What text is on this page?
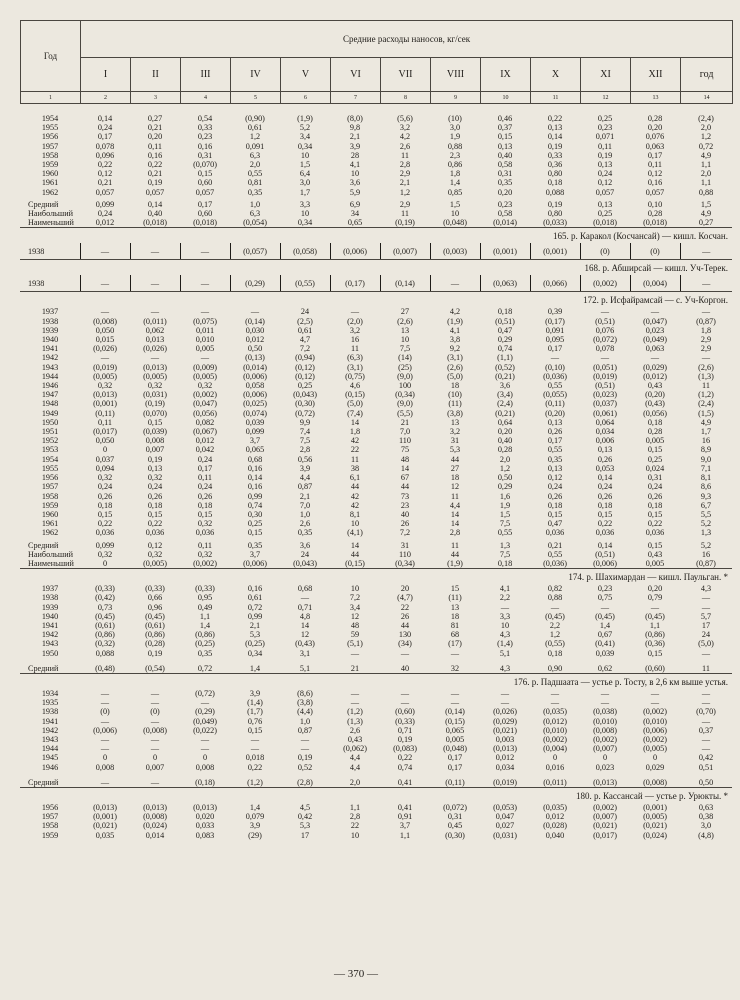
Год	Средние расходы наносов, кг/сек												
	I	II	III	IV	V	VI	VII	VIII	IX	X	XI	XII	год
1	2	3	4	5	6	7	8	9	10	11	12	13	14

1954	0,14	0,27	0,54	(0,90)	(1,9)	(8,0)	(5,6)	(10)	0,46	0,22	0,25	0,28	(2,4)
1955	0,24	0,21	0,33	0,61	5,2	9,8	3,2	3,0	0,37	0,13	0,23	0,20	2,0
1956	0,17	0,20	0,23	1,2	3,4	2,1	4,2	1,9	0,15	0,14	0,071	0,076	1,2
1957	0,078	0,11	0,16	0,091	0,34	3,9	2,6	0,88	0,13	0,19	0,11	0,063	0,72
1958	0,096	0,16	0,31	6,3	10	28	11	2,3	0,40	0,33	0,19	0,17	4,9
1959	0,22	0,22	(0,070)	2,0	1,5	4,1	2,8	0,86	0,58	0,36	0,13	0,11	1,1
1960	0,12	0,21	0,15	0,55	6,4	10	2,9	1,8	0,31	0,80	0,24	0,12	2,0
1961	0,21	0,19	0,60	0,81	3,0	3,6	2,1	1,4	0,35	0,18	0,12	0,16	1,1
1962	0,057	0,057	0,057	0,35	1,7	5,9	1,2	0,85	0,20	0,088	0,057	0,057	0,88

Средний	0,099	0,14	0,17	1,0	3,3	6,9	2,9	1,5	0,23	0,19	0,13	0,10	1,5
Наибольший	0,24	0,40	0,60	6,3	10	34	11	10	0,58	0,80	0,25	0,28	4,9
Наименьший	0,012	(0,018)	(0,018)	(0,054)	0,34	0,65	(0,19)	(0,048)	(0,014)	(0,033)	(0,018)	(0,018)	0,27
165. р. Каракол (Косчансай) — кишл. Косчан.
1938	—	—	—	(0,057)	(0,058)	(0,006)	(0,007)	(0,003)	(0,001)	(0,001)	(0)	(0)	—
168. р. Абширсай — кишл. Уч-Терек.
1938	—	—	—	(0,29)	(0,55)	(0,17)	(0,14)	—	(0,063)	(0,066)	(0,002)	(0,004)	—
172. р. Исфайрамсай — с. Уч-Коргон.
1937	—	—	—	—	24	—	27	4,2	0,18	0,39	—	—	—
1938	(0,008)	(0,011)	(0,075)	(0,14)	(2,5)	(2,0)	(2,6)	(1,9)	(0,51)	(0,17)	(0,51)	(0,047)	(0,87)
1939	0,050	0,062	0,011	0,030	0,61	3,2	13	4,1	0,47	0,091	0,076	0,023	1,8
1940	0,015	0,013	0,010	0,012	4,7	16	10	3,8	0,29	0,095	(0,072)	(0,049)	2,9
1941	(0,026)	(0,026)	0,005	0,50	7,2	11	7,5	9,2	0,74	0,17	0,078	0,063	2,9
1942	—	—	—	(0,13)	(0,94)	(6,3)	(14)	(3,1)	(1,1)	—	—	—	—
1943	(0,019)	(0,013)	(0,009)	(0,014)	(0,12)	(3,1)	(25)	(2,6)	(0,52)	(0,10)	(0,051)	(0,029)	(2,6)
1944	(0,005)	(0,005)	(0,005)	(0,006)	(0,12)	(0,75)	(9,0)	(5,0)	(0,21)	(0,036)	(0,019)	(0,012)	(1,3)
1946	0,32	0,32	0,32	0,058	0,25	4,6	100	18	3,6	0,55	(0,51)	0,43	11
1947	(0,013)	(0,031)	(0,002)	(0,006)	(0,043)	(0,15)	(0,34)	(10)	(3,4)	(0,055)	(0,023)	(0,20)	(1,2)
1948	(0,001)	(0,19)	(0,047)	(0,025)	(0,30)	(5,0)	(9,0)	(11)	(2,4)	(0,11)	(0,037)	(0,43)	(2,4)
1949	(0,11)	(0,070)	(0,056)	(0,074)	(0,72)	(7,4)	(5,5)	(3,8)	(0,21)	(0,20)	(0,061)	(0,056)	(1,5)
1950	0,11	0,15	0,082	0,039	9,9	14	21	13	0,64	0,13	0,064	0,18	4,9
1951	(0,017)	(0,039)	(0,067)	0,099	7,4	1,8	7,0	3,2	0,20	0,26	0,034	0,28	1,7
1952	0,050	0,008	0,012	3,7	7,5	42	110	31	0,40	0,17	0,006	0,005	16
1953	0	0,007	0,042	0,065	2,8	22	75	5,3	0,28	0,55	0,13	0,15	8,9
1954	0,037	0,19	0,24	0,68	0,56	11	48	44	2,0	0,35	0,26	0,25	9,0
1955	0,094	0,13	0,17	0,16	3,9	38	14	27	1,2	0,13	0,053	0,024	7,1
1956	0,32	0,32	0,11	0,14	4,4	6,1	67	18	0,50	0,12	0,14	0,31	8,1
1957	0,24	0,24	0,24	0,16	0,87	44	44	12	0,29	0,24	0,24	0,24	8,6
1958	0,26	0,26	0,26	0,99	2,1	42	73	11	1,6	0,26	0,26	0,26	9,3
1959	0,18	0,18	0,18	0,74	7,0	42	23	4,4	1,9	0,18	0,18	0,18	6,7
1960	0,15	0,15	0,15	0,30	1,0	8,1	40	14	1,5	0,15	0,15	0,15	5,5
1961	0,22	0,22	0,32	0,25	2,6	10	26	14	7,5	0,47	0,22	0,22	5,2
1962	0,036	0,036	0,036	0,15	0,35	(4,1)	7,2	2,8	0,55	0,036	0,036	0,036	1,3

Средний	0,099	0,12	0,11	0,35	3,6	14	31	11	1,3	0,21	0,14	0,15	5,2
Наибольший	0,32	0,32	0,32	3,7	24	44	110	44	7,5	0,55	(0,51)	0,43	16
Наименьший	0	(0,005)	(0,002)	(0,006)	(0,043)	(0,15)	(0,34)	(1,9)	0,18	(0,036)	(0,006)	0,005	(0,87)
174. р. Шахимардан — кишл. Паульган. *
1937	(0,33)	(0,33)	(0,33)	0,16	0,68	10	20	15	4,1	0,82	0,23	0,20	4,3
1938	(0,42)	0,66	0,95	0,61	—	7,2	(4,7)	(11)	2,2	0,88	0,75	0,79	—
1939	0,73	0,96	0,49	0,72	0,71	3,4	22	13	—	—	—	—	—
1940	(0,45)	(0,45)	1,1	0,99	4,8	12	26	18	3,3	(0,45)	(0,45)	(0,45)	5,7
1941	(0,61)	(0,61)	1,4	2,1	14	48	44	81	10	2,2	1,4	1,1	17
1942	(0,86)	(0,86)	(0,86)	5,3	12	59	130	68	4,3	1,2	0,67	(0,86)	24
1943	(0,32)	(0,28)	(0,25)	(0,25)	(0,43)	(5,1)	(34)	(17)	(1,4)	(0,55)	(0,41)	(0,36)	(5,0)
1950	0,088	0,19	0,35	0,34	3,1	—	—	—	5,1	0,18	0,039	0,15	—

Средний	(0,48)	(0,54)	0,72	1,4	5,1	21	40	32	4,3	0,90	0,62	(0,60)	11
176. р. Падшаата — устье р. Тосту, в 2,6 км выше устья.
1934	—	—	(0,72)	3,9	(8,6)	—	—	—	—	—	—	—	—
1935	—	—	—	(1,4)	(3,8)	—	—	—	—	—	—	—	—
1938	(0)	(0)	(0,29)	(1,7)	(4,4)	(1,2)	(0,60)	(0,14)	(0,026)	(0,035)	(0,038)	(0,002)	(0,70)
1941	—	—	(0,049)	0,76	1,0	(1,3)	(0,33)	(0,15)	(0,029)	(0,012)	(0,010)	(0,010)	—
1942	(0,006)	(0,008)	(0,022)	0,15	0,87	2,6	0,71	0,065	(0,021)	(0,010)	(0,008)	(0,006)	0,37
1943	—	—	—	—	—	0,43	0,19	0,005	0,003	(0,002)	(0,002)	(0,002)	—
1944	—	—	—	—	—	(0,062)	(0,083)	(0,048)	(0,013)	(0,004)	(0,007)	(0,005)	—
1945	0	0	0	0,018	0,19	4,4	0,22	0,17	0,012	0	0	0	0,42
1946	0,008	0,007	0,008	0,22	0,52	4,4	0,74	0,17	0,034	0,016	0,023	0,029	0,51

Средний	—	—	(0,18)	(1,2)	(2,8)	2,0	0,41	(0,11)	(0,019)	(0,011)	(0,013)	(0,008)	0,50
180. р. Кассансай — устье р. Урюкты. *
1956	(0,013)	(0,013)	(0,013)	1,4	4,5	1,1	0,41	(0,072)	(0,053)	(0,035)	(0,002)	(0,001)	0,63
1957	(0,001)	(0,008)	0,020	0,079	0,42	2,8	0,91	0,31	0,047	0,012	(0,007)	(0,005)	0,38
1958	(0,021)	(0,024)	0,033	3,9	5,3	22	3,7	0,45	0,027	(0,028)	(0,021)	(0,021)	3,0
1959	0,035	0,014	0,083	(29)	17	10	1,1	(0,30)	(0,031)	0,040	(0,017)	(0,024)	(4,8)
— 370 —
